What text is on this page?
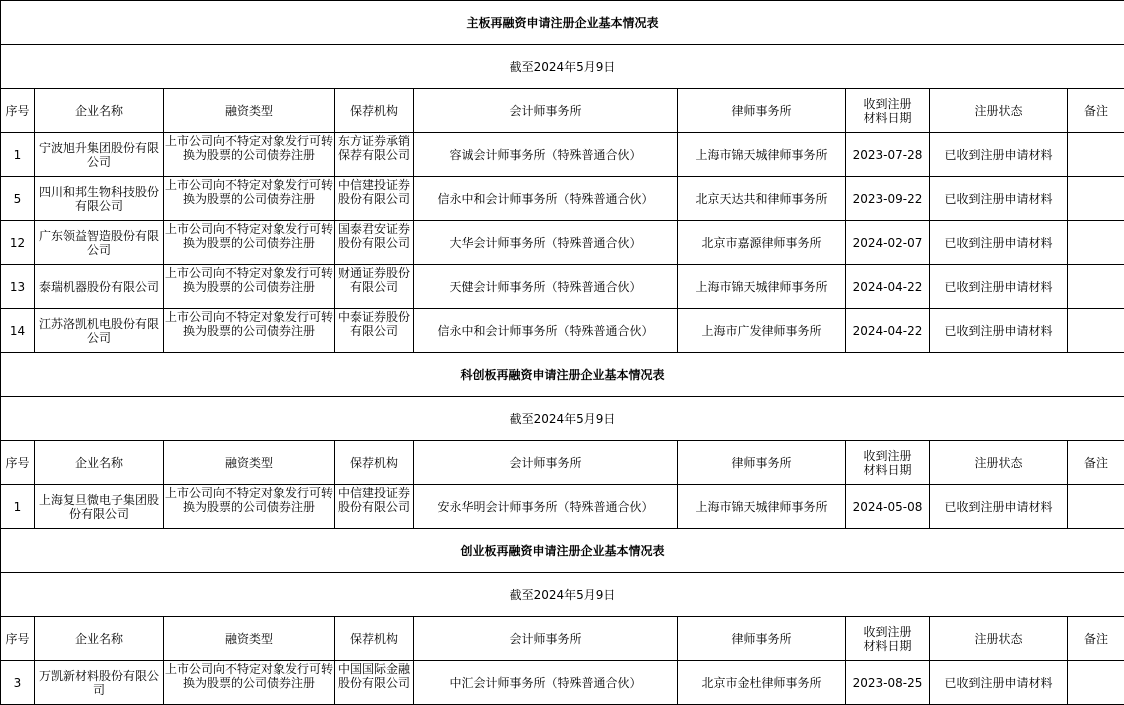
主板再融资申请注册企业基本情况表								
截至2024年5月9日								
序号	企业名称	融资类型	保荐机构	会计师事务所	律师事务所	收到注册材料日期	注册状态	备注
1	宁波旭升集团股份有限公司	上市公司向不特定对象发行可转换为股票的公司债券注册	东方证券承销保荐有限公司	容诚会计师事务所（特殊普通合伙）	上海市锦天城律师事务所	2023-07-28	已收到注册申请材料	
5	四川和邦生物科技股份有限公司	上市公司向不特定对象发行可转换为股票的公司债券注册	中信建投证券股份有限公司	信永中和会计师事务所（特殊普通合伙）	北京天达共和律师事务所	2023-09-22	已收到注册申请材料	
12	广东领益智造股份有限公司	上市公司向不特定对象发行可转换为股票的公司债券注册	国泰君安证券股份有限公司	大华会计师事务所（特殊普通合伙）	北京市嘉源律师事务所	2024-02-07	已收到注册申请材料	
13	泰瑞机器股份有限公司	上市公司向不特定对象发行可转换为股票的公司债券注册	财通证券股份有限公司	天健会计师事务所（特殊普通合伙）	上海市锦天城律师事务所	2024-04-22	已收到注册申请材料	
14	江苏洛凯机电股份有限公司	上市公司向不特定对象发行可转换为股票的公司债券注册	中泰证券股份有限公司	信永中和会计师事务所（特殊普通合伙）	上海市广发律师事务所	2024-04-22	已收到注册申请材料	
科创板再融资申请注册企业基本情况表								
截至2024年5月9日								
序号	企业名称	融资类型	保荐机构	会计师事务所	律师事务所	收到注册材料日期	注册状态	备注
1	上海复旦微电子集团股份有限公司	上市公司向不特定对象发行可转换为股票的公司债券注册	中信建投证券股份有限公司	安永华明会计师事务所（特殊普通合伙）	上海市锦天城律师事务所	2024-05-08	已收到注册申请材料	
创业板再融资申请注册企业基本情况表								
截至2024年5月9日								
序号	企业名称	融资类型	保荐机构	会计师事务所	律师事务所	收到注册材料日期	注册状态	备注
3	万凯新材料股份有限公司	上市公司向不特定对象发行可转换为股票的公司债券注册	中国国际金融股份有限公司	中汇会计师事务所（特殊普通合伙）	北京市金杜律师事务所	2023-08-25	已收到注册申请材料	
